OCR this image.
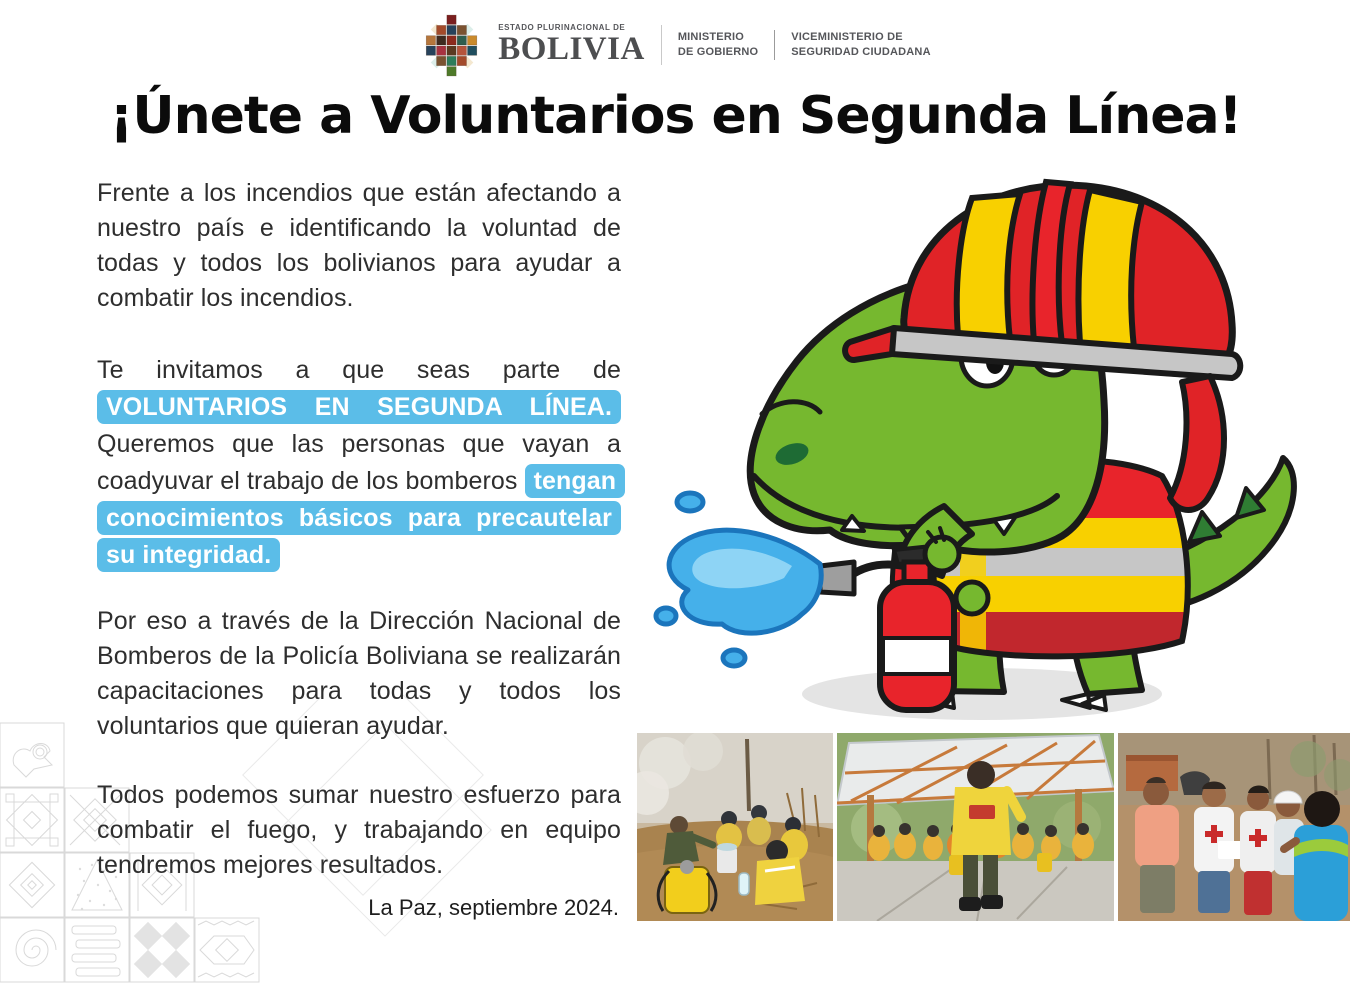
ESTADO PLURINACIONAL DE
BOLIVIA	MINISTERIO
DE GOBIERNO
VICEMINISTERIO DE
SEGURIDAD CIUDADANA
¡Únete a Voluntarios en Segunda Línea!

Frente a los incendios que están afectando a nuestro país e identificando la voluntad de todas y todos los bolivianos para ayudar a combatir los incendios.

Te invitamos a que seas parte de VOLUNTARIOS EN SEGUNDA LÍNEA. Queremos que las personas que vayan a coadyuvar el trabajo de los bomberos tengan conocimientos básicos para precautelar su integridad.

Por eso a través de la Dirección Nacional de Bomberos de la Policía Boliviana se realizarán capacitaciones para todas y todos los voluntarios que quieran ayudar.

Todos podemos sumar nuestro esfuerzo para combatir el fuego, y trabajando en equipo tendremos mejores resultados.

La Paz, septiembre 2024.
